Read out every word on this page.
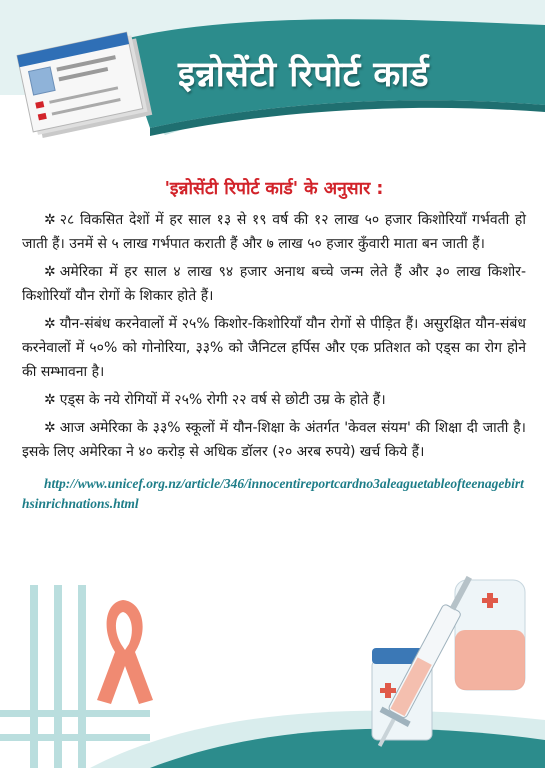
इन्नोसेंटी रिपोर्ट कार्ड
'इन्नोसेंटी रिपोर्ट कार्ड' के अनुसार :

✲ २८ विकसित देशों में हर साल १३ से १९ वर्ष की १२ लाख ५० हजार किशोरियाँ गर्भवती हो जाती हैं। उनमें से ५ लाख गर्भपात कराती हैं और ७ लाख ५० हजार कुँवारी माता बन जाती हैं।

✲ अमेरिका में हर साल ४ लाख ९४ हजार अनाथ बच्चे जन्म लेते हैं और ३० लाख किशोर-किशोरियाँ यौन रोगों के शिकार होते हैं।

✲ यौन-संबंध करनेवालों में २५% किशोर-किशोरियाँ यौन रोगों से पीड़ित हैं। असुरक्षित यौन-संबंध करनेवालों में ५०% को गोनोरिया, ३३% को जैनिटल हर्पिस और एक प्रतिशत को एड्स का रोग होने की सम्भावना है।

✲ एड्स के नये रोगियों में २५% रोगी २२ वर्ष से छोटी उम्र के होते हैं।

✲ आज अमेरिका के ३३% स्कूलों में यौन-शिक्षा के अंतर्गत 'केवल संयम' की शिक्षा दी जाती है। इसके लिए अमेरिका ने ४० करोड़ से अधिक डॉलर (२० अरब रुपये) खर्च किये हैं।

http://www.unicef.org.nz/article/346/innocentireportcardno3aleaguetableofteenagebirthsinrichnations.html
